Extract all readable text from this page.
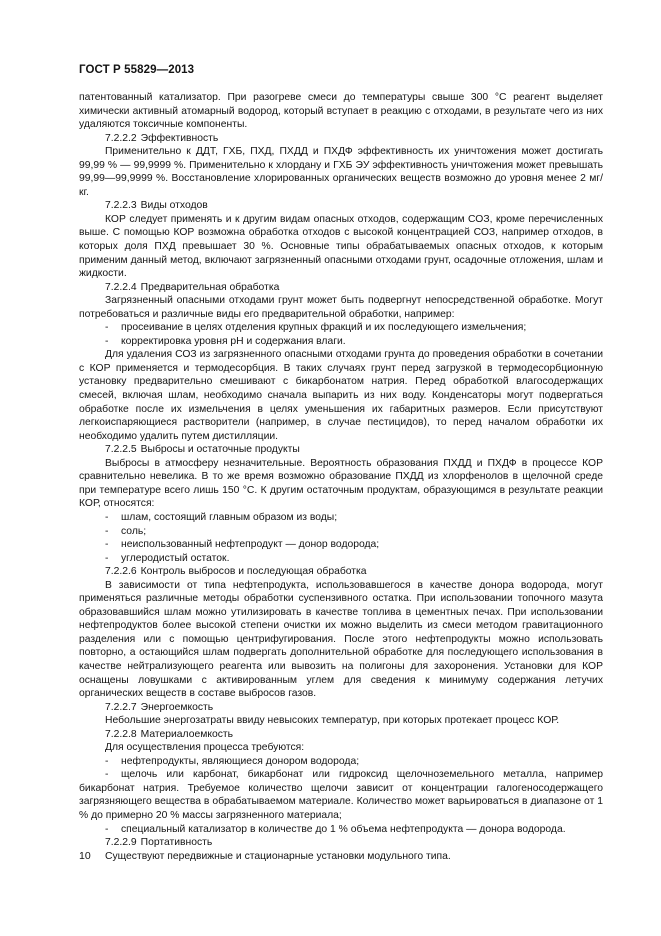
ГОСТ Р 55829—2013

патентованный катализатор. При разогреве смеси до температуры свыше 300 °С реагент выделяет химически активный атомарный водород, который вступает в реакцию с отходами, в результате чего из них удаляются токсичные компоненты.

7.2.2.2 Эффективность

Применительно к ДДТ, ГХБ, ПХД, ПХДД и ПХДФ эффективность их уничтожения может достигать 99,99 % — 99,9999 %. Применительно к хлордану и ГХБ ЭУ эффективность уничтожения может превышать 99,99—99,9999 %. Восстановление хлорированных органических веществ возможно до уровня менее 2 мг/кг.

7.2.2.3 Виды отходов

КОР следует применять и к другим видам опасных отходов, содержащим СОЗ, кроме перечисленных выше. С помощью КОР возможна обработка отходов с высокой концентрацией СОЗ, например отходов, в которых доля ПХД превышает 30 %. Основные типы обрабатываемых опасных отходов, к которым применим данный метод, включают загрязненный опасными отходами грунт, осадочные отложения, шлам и жидкости.

7.2.2.4 Предварительная обработка

Загрязненный опасными отходами грунт может быть подвергнут непосредственной обработке. Могут потребоваться и различные виды его предварительной обработки, например:

- просеивание в целях отделения крупных фракций и их последующего измельчения;

- корректировка уровня pH и содержания влаги.

Для удаления СОЗ из загрязненного опасными отходами грунта до проведения обработки в сочетании с КОР применяется и термодесорбция. В таких случаях грунт перед загрузкой в термодесорбционную установку предварительно смешивают с бикарбонатом натрия. Перед обработкой влагосодержащих смесей, включая шлам, необходимо сначала выпарить из них воду. Конденсаторы могут подвергаться обработке после их измельчения в целях уменьшения их габаритных размеров. Если присутствуют легкоиспаряющиеся растворители (например, в случае пестицидов), то перед началом обработки их необходимо удалить путем дистилляции.

7.2.2.5 Выбросы и остаточные продукты

Выбросы в атмосферу незначительные. Вероятность образования ПХДД и ПХДФ в процессе КОР сравнительно невелика. В то же время возможно образование ПХДД из хлорфенолов в щелочной среде при температуре всего лишь 150 °С. К другим остаточным продуктам, образующимся в результате реакции КОР, относятся:

- шлам, состоящий главным образом из воды;

- соль;

- неиспользованный нефтепродукт — донор водорода;

- углеродистый остаток.

7.2.2.6 Контроль выбросов и последующая обработка

В зависимости от типа нефтепродукта, использовавшегося в качестве донора водорода, могут применяться различные методы обработки суспензивного остатка. При использовании топочного мазута образовавшийся шлам можно утилизировать в качестве топлива в цементных печах. При использовании нефтепродуктов более высокой степени очистки их можно выделить из смеси методом гравитационного разделения или с помощью центрифугирования. После этого нефтепродукты можно использовать повторно, а остающийся шлам подвергать дополнительной обработке для последующего использования в качестве нейтрализующего реагента или вывозить на полигоны для захоронения. Установки для КОР оснащены ловушками с активированным углем для сведения к минимуму содержания летучих органических веществ в составе выбросов газов.

7.2.2.7 Энергоемкость

Небольшие энергозатраты ввиду невысоких температур, при которых протекает процесс КОР.

7.2.2.8 Материалоемкость

Для осуществления процесса требуются:

- нефтепродукты, являющиеся донором водорода;

- щелочь или карбонат, бикарбонат или гидроксид щелочноземельного металла, например бикарбонат натрия. Требуемое количество щелочи зависит от концентрации галогеносодержащего загрязняющего вещества в обрабатываемом материале. Количество может варьироваться в диапазоне от 1 % до примерно 20 % массы загрязненного материала;

- специальный катализатор в количестве до 1 % объема нефтепродукта — донора водорода.

7.2.2.9 Портативность

Существуют передвижные и стационарные установки модульного типа.

10
